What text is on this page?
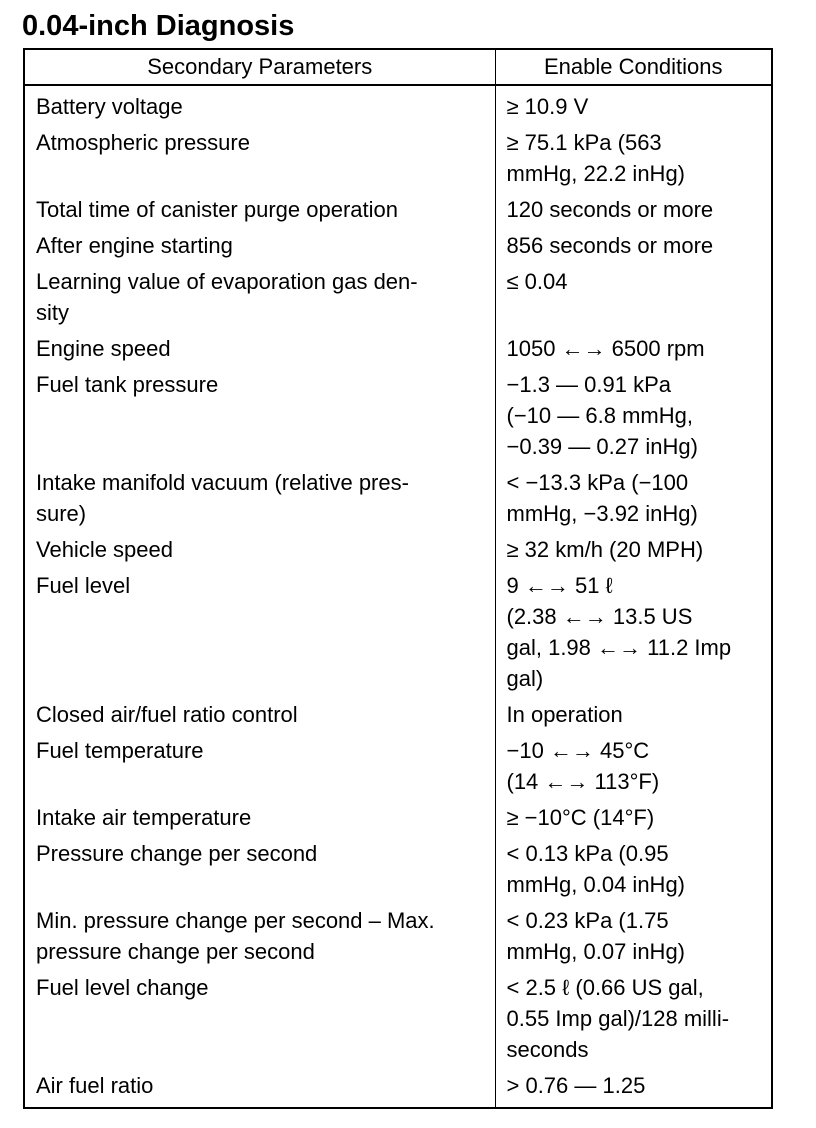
0.04-inch Diagnosis
Secondary Parameters	Enable Conditions
Battery voltage	≥ 10.9 V
Atmospheric pressure	≥ 75.1 kPa (563
mmHg, 22.2 inHg)
Total time of canister purge operation	120 seconds or more
After engine starting	856 seconds or more
Learning value of evaporation gas den-
sity	≤ 0.04
Engine speed	1050 ←→ 6500 rpm
Fuel tank pressure	−1.3 — 0.91 kPa
(−10 — 6.8 mmHg,
−0.39 — 0.27 inHg)
Intake manifold vacuum (relative pres-
sure)	< −13.3 kPa (−100
mmHg, −3.92 inHg)
Vehicle speed	≥ 32 km/h (20 MPH)
Fuel level	9 ←→ 51 ℓ
(2.38 ←→ 13.5 US
gal, 1.98 ←→ 11.2 Imp
gal)
Closed air/fuel ratio control	In operation
Fuel temperature	−10 ←→ 45°C
(14 ←→ 113°F)
Intake air temperature	≥ −10°C (14°F)
Pressure change per second	< 0.13 kPa (0.95
mmHg, 0.04 inHg)
Min. pressure change per second – Max.
pressure change per second	< 0.23 kPa (1.75
mmHg, 0.07 inHg)
Fuel level change	< 2.5 ℓ (0.66 US gal,
0.55 Imp gal)/128 milli-
seconds
Air fuel ratio	> 0.76 — 1.25
